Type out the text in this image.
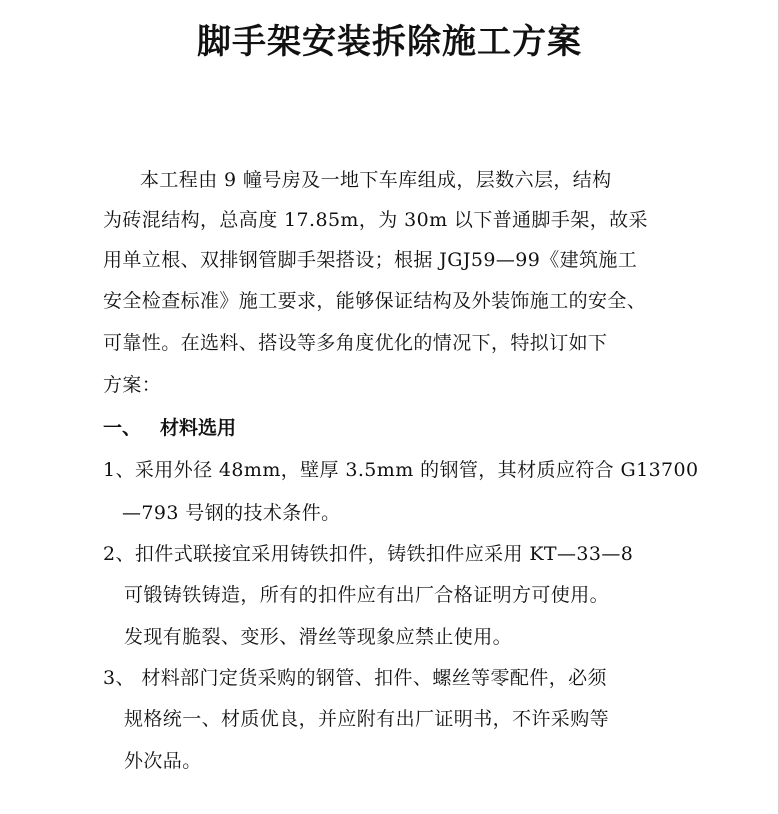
脚手架安装拆除施工方案

本工程由 9 幢号房及一地下车库组成，层数六层，结构

为砖混结构，总高度 17.85m，为 30m 以下普通脚手架，故采

用单立根、双排钢管脚手架搭设；根据 JGJ59—99《建筑施工

安全检查标准》施工要求，能够保证结构及外装饰施工的安全、

可靠性。在选料、搭设等多角度优化的情况下，特拟订如下

方案：

一、 材料选用

1、采用外径 48mm，壁厚 3.5mm 的钢管，其材质应符合 G13700

—793 号钢的技术条件。

2、扣件式联接宜采用铸铁扣件，铸铁扣件应采用 KT—33—8

可锻铸铁铸造，所有的扣件应有出厂合格证明方可使用。

发现有脆裂、变形、滑丝等现象应禁止使用。

3、 材料部门定货采购的钢管、扣件、螺丝等零配件，必须

规格统一、材质优良，并应附有出厂证明书，不许采购等

外次品。
